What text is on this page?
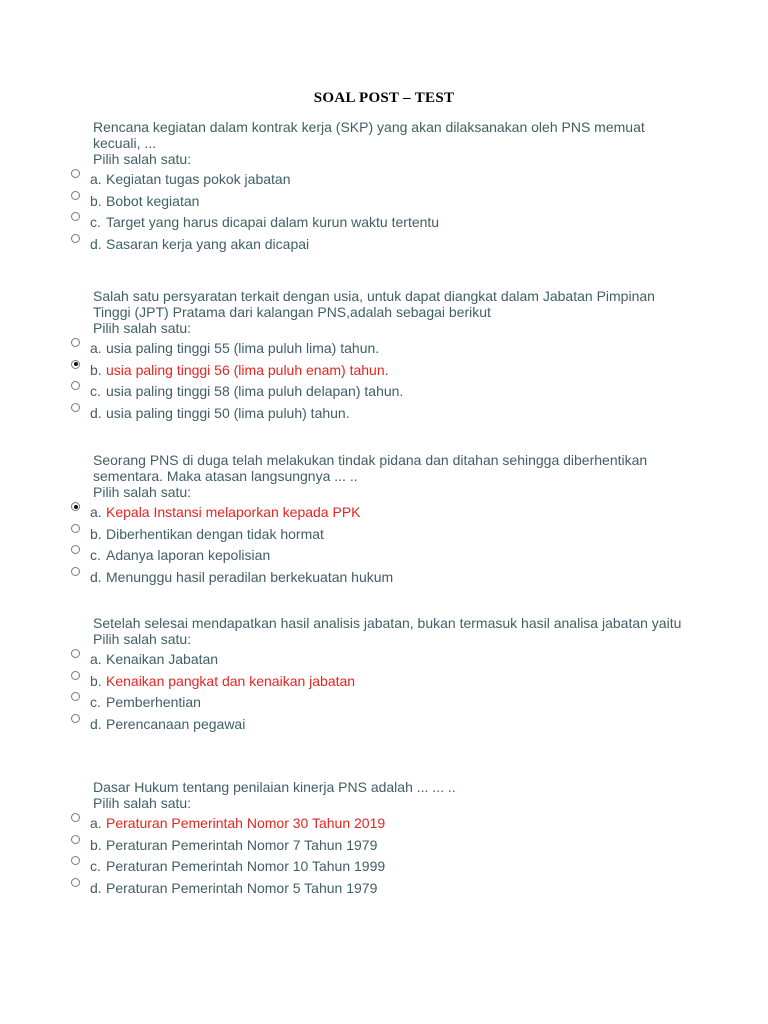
SOAL POST – TEST
Rencana kegiatan dalam kontrak kerja (SKP) yang akan dilaksanakan oleh PNS memuat kecuali, ...
Pilih salah satu:
a. Kegiatan tugas pokok jabatan
b. Bobot kegiatan
c. Target yang harus dicapai dalam kurun waktu tertentu
d. Sasaran kerja yang akan dicapai
Salah satu persyaratan terkait dengan usia, untuk dapat diangkat dalam Jabatan Pimpinan Tinggi (JPT) Pratama dari kalangan PNS,adalah sebagai berikut
Pilih salah satu:
a. usia paling tinggi 55 (lima puluh lima) tahun.
b. usia paling tinggi 56 (lima puluh enam) tahun.
c. usia paling tinggi 58 (lima puluh delapan) tahun.
d. usia paling tinggi 50 (lima puluh) tahun.
Seorang PNS di duga telah melakukan tindak pidana dan ditahan sehingga diberhentikan sementara. Maka atasan langsungnya ... ..
Pilih salah satu:
a. Kepala Instansi melaporkan kepada PPK
b. Diberhentikan dengan tidak hormat
c. Adanya laporan kepolisian
d. Menunggu hasil peradilan berkekuatan hukum
Setelah selesai mendapatkan hasil analisis jabatan, bukan termasuk hasil analisa jabatan yaitu
Pilih salah satu:
a. Kenaikan Jabatan
b. Kenaikan pangkat dan kenaikan jabatan
c. Pemberhentian
d. Perencanaan pegawai
Dasar Hukum tentang penilaian kinerja PNS adalah ... ... ..
Pilih salah satu:
a. Peraturan Pemerintah Nomor 30 Tahun 2019
b. Peraturan Pemerintah Nomor 7 Tahun 1979
c. Peraturan Pemerintah Nomor 10 Tahun 1999
d. Peraturan Pemerintah Nomor 5 Tahun 1979
